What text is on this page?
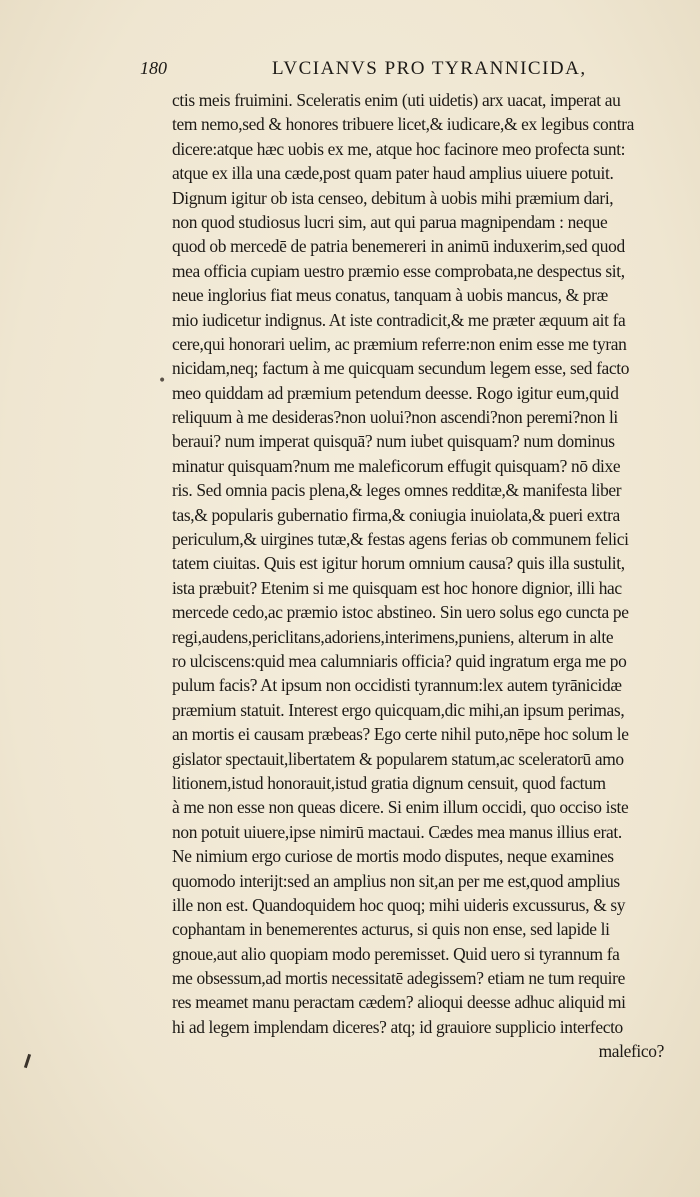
180	LVCIANVS PRO TYRANNICIDA,
•
ctis meis fruimini. Sceleratis enim (uti uidetis) arx uacat, imperat au
tem nemo,sed & honores tribuere licet,& iudicare,& ex legibus contra
dicere:atque hæc uobis ex me, atque hoc facinore meo profecta sunt:
atque ex illa una cæde,post quam pater haud amplius uiuere potuit.
Dignum igitur ob ista censeo, debitum à uobis mihi præmium dari,
non quod studiosus lucri sim, aut qui parua magnipendam : neque
quod ob mercedē de patria benemereri in animū induxerim,sed quod
mea officia cupiam uestro præmio esse comprobata,ne despectus sit,
neue inglorius fiat meus conatus, tanquam à uobis mancus, & præ
mio iudicetur indignus. At iste contradicit,& me præter æquum ait fa
cere,qui honorari uelim, ac præmium referre:non enim esse me tyran
nicidam,neq; factum à me quicquam secundum legem esse, sed facto
meo quiddam ad præmium petendum deesse. Rogo igitur eum,quid
reliquum à me desideras?non uolui?non ascendi?non peremi?non li
beraui? num imperat quisquā? num iubet quisquam? num dominus
minatur quisquam?num me maleficorum effugit quisquam? nō dixe
ris. Sed omnia pacis plena,& leges omnes redditæ,& manifesta liber
tas,& popularis gubernatio firma,& coniugia inuiolata,& pueri extra
periculum,& uirgines tutæ,& festas agens ferias ob communem felici
tatem ciuitas. Quis est igitur horum omnium causa? quis illa sustulit,
ista præbuit? Etenim si me quisquam est hoc honore dignior, illi hac
mercede cedo,ac præmio istoc abstineo. Sin uero solus ego cuncta pe
regi,audens,periclitans,adoriens,interimens,puniens, alterum in alte
ro ulciscens:quid mea calumniaris officia? quid ingratum erga me po
pulum facis? At ipsum non occidisti tyrannum:lex autem tyrānicidæ
præmium statuit. Interest ergo quicquam,dic mihi,an ipsum perimas,
an mortis ei causam præbeas? Ego certe nihil puto,nēpe hoc solum le
gislator spectauit,libertatem & popularem statum,ac sceleratorū amo
litionem,istud honorauit,istud gratia dignum censuit, quod factum
à me non esse non queas dicere. Si enim illum occidi, quo occiso iste
non potuit uiuere,ipse nimirū mactaui. Cædes mea manus illius erat.
Ne nimium ergo curiose de mortis modo disputes, neque examines
quomodo interijt:sed an amplius non sit,an per me est,quod amplius
ille non est. Quandoquidem hoc quoq; mihi uideris excussurus, & sy
cophantam in benemerentes acturus, si quis non ense, sed lapide li
gnoue,aut alio quopiam modo peremisset. Quid uero si tyrannum fa
me obsessum,ad mortis necessitatē adegissem? etiam ne tum require
res meamet manu peractam cædem? alioqui deesse adhuc aliquid mi
hi ad legem implendam diceres? atq; id grauiore supplicio interfecto
malefico?
